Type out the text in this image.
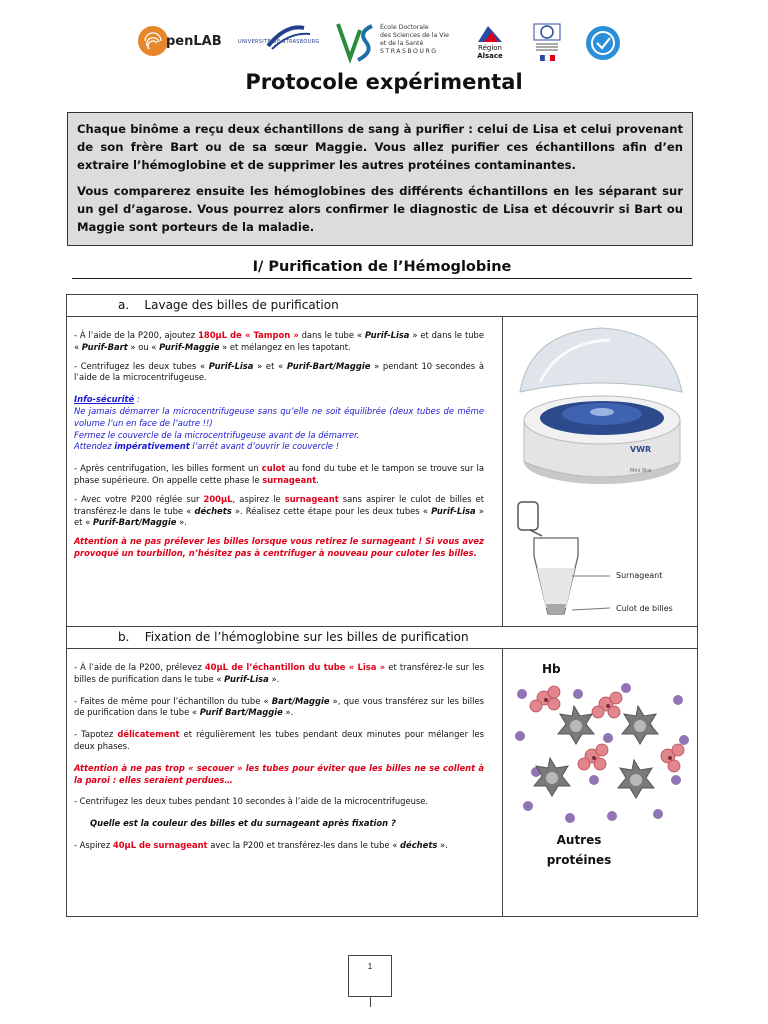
penLAB	UNIVERSITÉ DE STRASBOURG
École Doctorale
des Sciences de la Vie
et de la Santé
STRASBOURG	Région
Alsace
Protocole expérimental

Chaque binôme a reçu deux échantillons de sang à purifier : celui de Lisa et celui provenant de son frère Bart ou de sa sœur Maggie. Vous allez purifier ces échantillons afin d’en extraire l’hémoglobine et de supprimer les autres protéines contaminantes.

Vous comparerez ensuite les hémoglobines des différents échantillons en les séparant sur un gel d’agarose. Vous pourrez alors confirmer le diagnostic de Lisa et découvrir si Bart ou Maggie sont porteurs de la maladie.

I/ Purification de l’Hémoglobine
a.    Lavage des billes de purification

- À l’aide de la P200, ajoutez 180µL de « Tampon » dans le tube « Purif-Lisa » et dans le tube « Purif-Bart » ou « Purif-Maggie » et mélangez en les tapotant.

- Centrifugez les deux tubes « Purif-Lisa » et « Purif-Bart/Maggie » pendant 10 secondes à l’aide de la microcentrifugeuse.

Info-sécurité :
Ne jamais démarrer la microcentrifugeuse sans qu’elle ne soit équilibrée (deux tubes de même volume l’un en face de l’autre !!)
Fermez le couvercle de la microcentrifugeuse avant de la démarrer.
Attendez impérativement l’arrêt avant d’ouvrir le couvercle !

- Après centrifugation, les billes forment un culot au fond du tube et le tampon se trouve sur la phase supérieure. On appelle cette phase le surnageant.

- Avec votre P200 réglée sur 200µL, aspirez le surnageant sans aspirer le culot de billes et transférez-le dans le tube « déchets ». Réalisez cette étape pour les deux tubes « Purif-Lisa » et « Purif-Bart/Maggie ».

Attention à ne pas prélever les billes lorsque vous retirez le surnageant ! Si vous avez provoqué un tourbillon, n’hésitez pas à centrifuger à nouveau pour culoter les billes.

VWR
Mini Star
Surnageant
Culot de billes
b.    Fixation de l’hémoglobine sur les billes de purification

- À l’aide de la P200, prélevez 40µL de l’échantillon du tube « Lisa » et transférez-le sur les billes de purification dans le tube « Purif-Lisa ».

- Faites de même pour l’échantillon du tube « Bart/Maggie », que vous transférez sur les billes de purification dans le tube « Purif Bart/Maggie ».

- Tapotez délicatement et régulièrement les tubes pendant deux minutes pour mélanger les deux phases.

Attention à ne pas trop « secouer » les tubes pour éviter que les billes ne se collent à la paroi : elles seraient perdues…

- Centrifugez les deux tubes pendant 10 secondes à l’aide de la microcentrifugeuse.

Quelle est la couleur des billes et du surnageant après fixation ?

- Aspirez 40µL de surnageant avec la P200 et transférez-les dans le tube « déchets ».

Hb
Autres
protéines
1
